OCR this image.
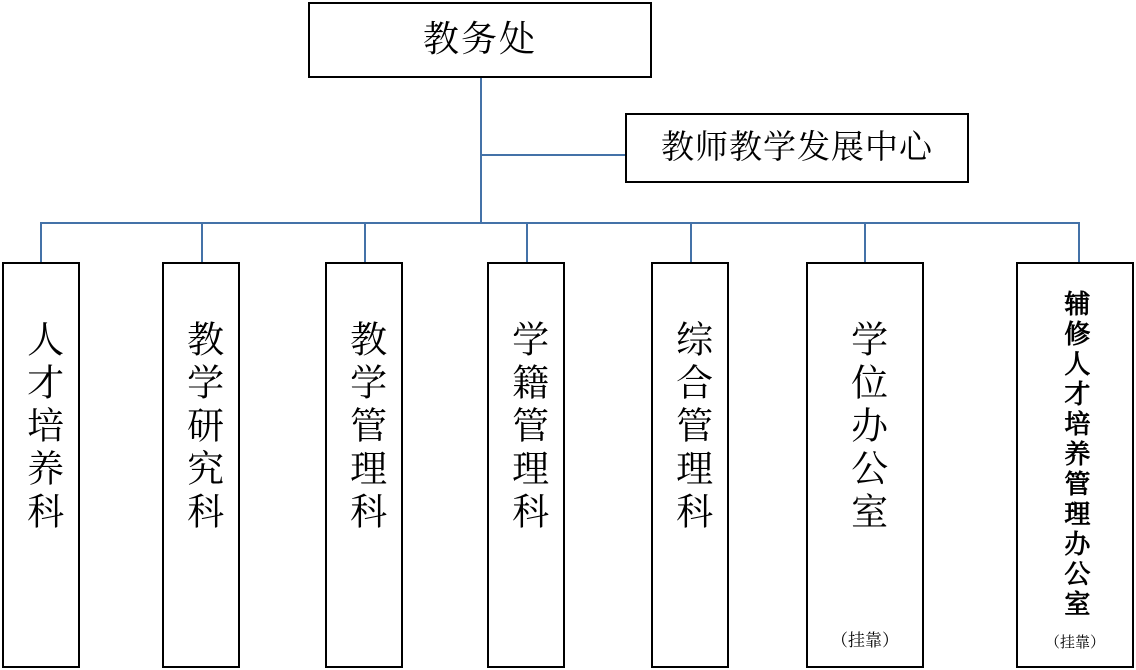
教务处
教师教学发展中心
人才培养科	教学研究科	教学管理科	学籍管理科	综合管理科	学位办公室
（挂靠）
辅修人才培养管理办公室
（挂靠）
